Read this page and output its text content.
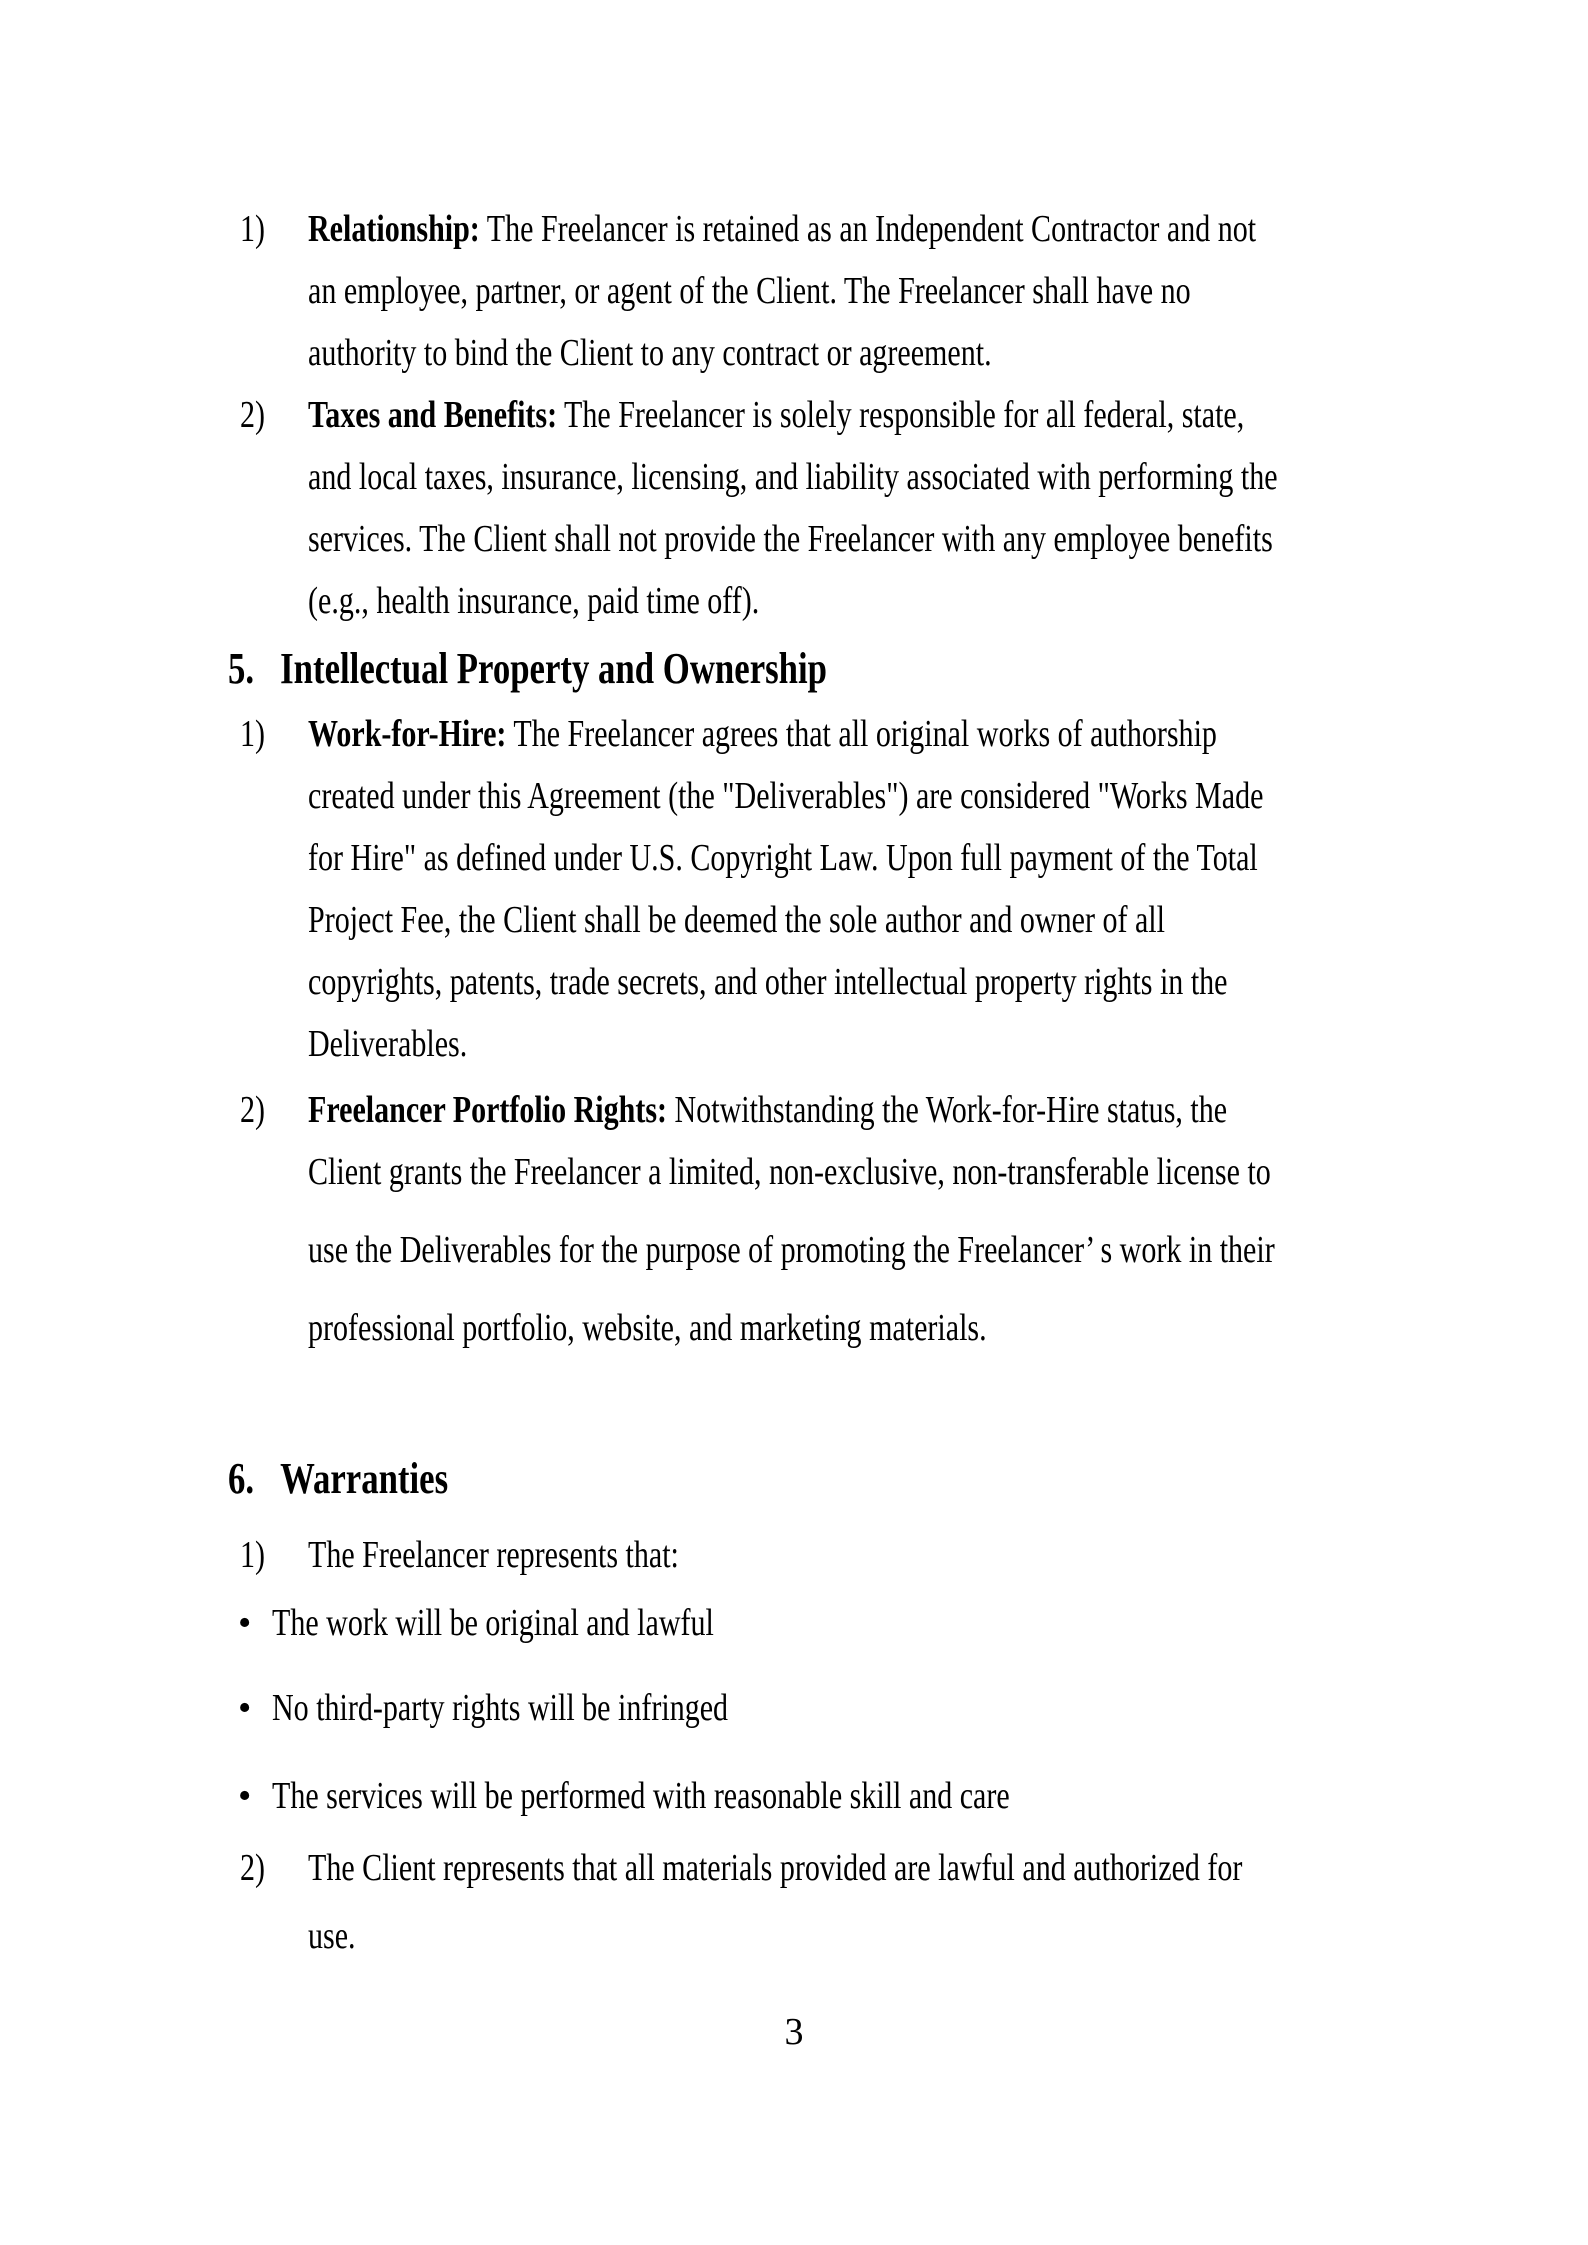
1) Relationship: The Freelancer is retained as an Independent Contractor and not
an employee, partner, or agent of the Client. The Freelancer shall have no
authority to bind the Client to any contract or agreement.
2) Taxes and Benefits: The Freelancer is solely responsible for all federal, state,
and local taxes, insurance, licensing, and liability associated with performing the
services. The Client shall not provide the Freelancer with any employee benefits
(e.g., health insurance, paid time off).
5. Intellectual Property and Ownership
1) Work-for-Hire: The Freelancer agrees that all original works of authorship
created under this Agreement (the "Deliverables") are considered "Works Made
for Hire" as defined under U.S. Copyright Law. Upon full payment of the Total
Project Fee, the Client shall be deemed the sole author and owner of all
copyrights, patents, trade secrets, and other intellectual property rights in the
Deliverables.
2) Freelancer Portfolio Rights: Notwithstanding the Work-for-Hire status, the
Client grants the Freelancer a limited, non-exclusive, non-transferable license to
use the Deliverables for the purpose of promoting the Freelancer’ s work in their
professional portfolio, website, and marketing materials.
6. Warranties
1) The Freelancer represents that:
• The work will be original and lawful
• No third-party rights will be infringed
• The services will be performed with reasonable skill and care
2) The Client represents that all materials provided are lawful and authorized for
use.
3
